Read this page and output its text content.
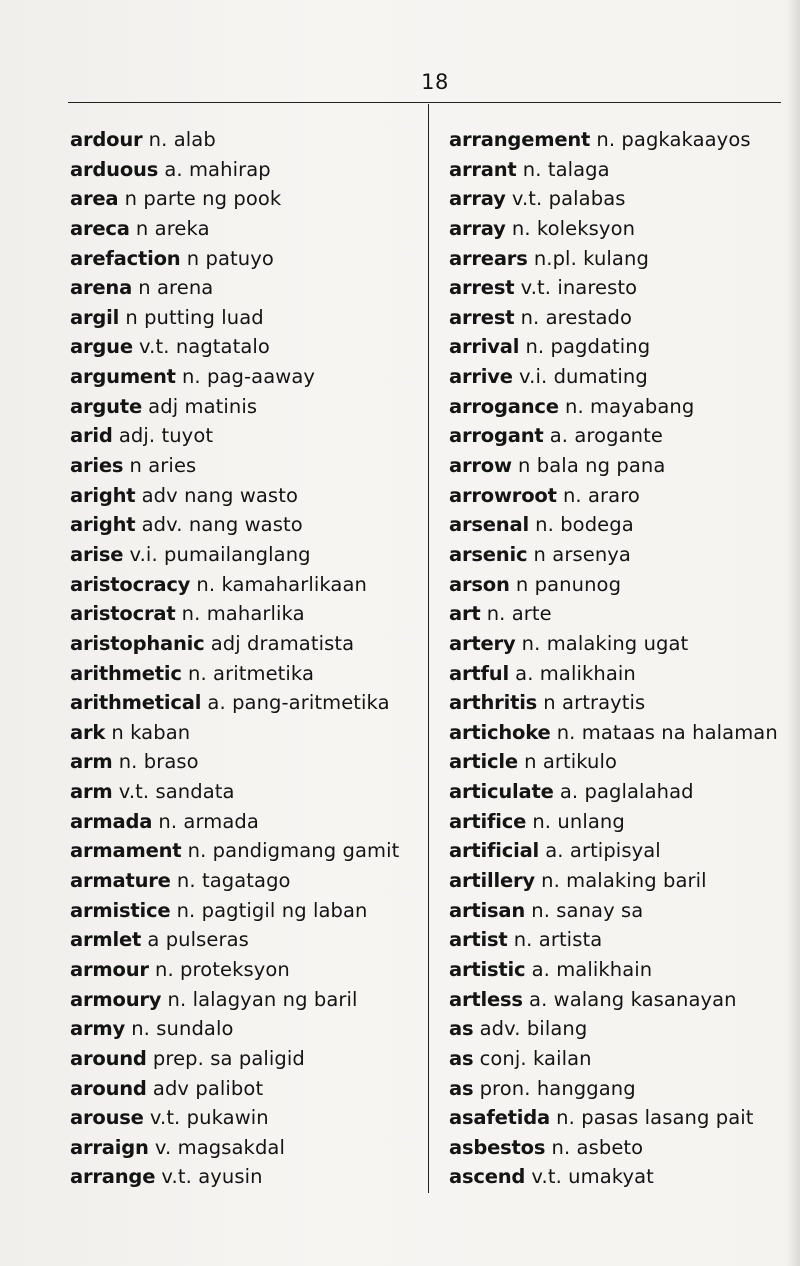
18
ardour n. alab
arduous a. mahirap
area n parte ng pook
areca n areka
arefaction n patuyo
arena n arena
argil n putting luad
argue v.t. nagtatalo
argument n. pag-aaway
argute adj matinis
arid adj. tuyot
aries n aries
aright adv nang wasto
aright adv. nang wasto
arise v.i. pumailanglang
aristocracy n. kamaharlikaan
aristocrat n. maharlika
aristophanic adj dramatista
arithmetic n. aritmetika
arithmetical a. pang-aritmetika
ark n kaban
arm n. braso
arm v.t. sandata
armada n. armada
armament n. pandigmang gamit
armature n. tagatago
armistice n. pagtigil ng laban
armlet a pulseras
armour n. proteksyon
armoury n. lalagyan ng baril
army n. sundalo
around prep. sa paligid
around adv palibot
arouse v.t. pukawin
arraign v. magsakdal
arrange v.t. ayusin
arrangement n. pagkakaayos
arrant n. talaga
array v.t. palabas
array n. koleksyon
arrears n.pl. kulang
arrest v.t. inaresto
arrest n. arestado
arrival n. pagdating
arrive v.i. dumating
arrogance n. mayabang
arrogant a. arogante
arrow n bala ng pana
arrowroot n. araro
arsenal n. bodega
arsenic n arsenya
arson n panunog
art n. arte
artery n. malaking ugat
artful a. malikhain
arthritis n artraytis
artichoke n. mataas na halaman
article n artikulo
articulate a. paglalahad
artifice n. unlang
artificial a. artipisyal
artillery n. malaking baril
artisan n. sanay sa
artist n. artista
artistic a. malikhain
artless a. walang kasanayan
as adv. bilang
as conj. kailan
as pron. hanggang
asafetida n. pasas lasang pait
asbestos n. asbeto
ascend v.t. umakyat
